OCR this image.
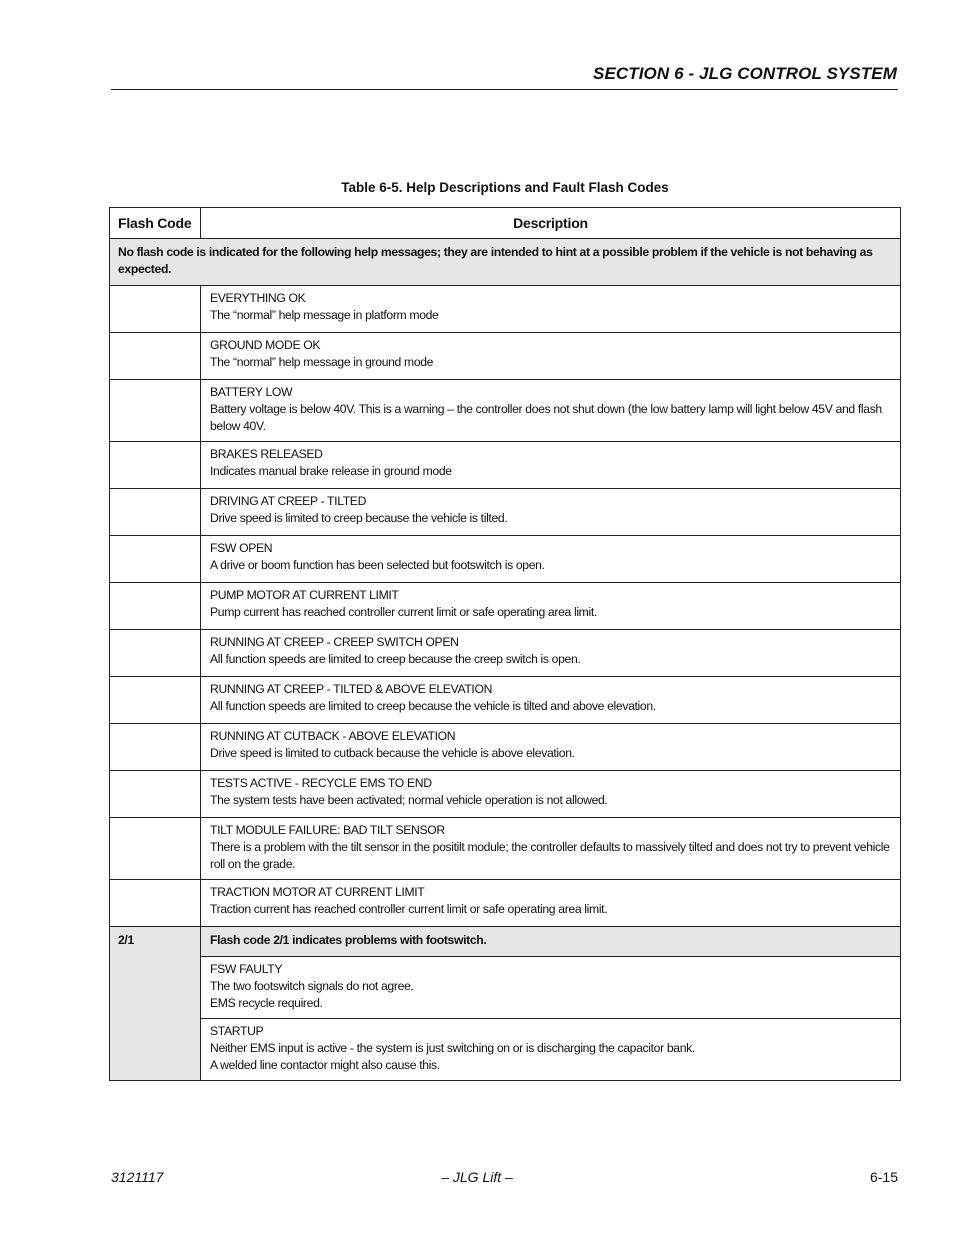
SECTION 6 - JLG CONTROL SYSTEM
Table 6-5. Help Descriptions and Fault Flash Codes
Flash Code	Description
No flash code is indicated for the following help messages; they are intended to hint at a possible problem if the vehicle is not behaving as expected.	

	EVERYTHING OK
The “normal” help message in platform mode

	GROUND MODE OK
The “normal” help message in ground mode

	BATTERY LOW
Battery voltage is below 40V. This is a warning – the controller does not shut down (the low battery lamp will light below 45V and flash below 40V.

	BRAKES RELEASED
Indicates manual brake release in ground mode

	DRIVING AT CREEP - TILTED
Drive speed is limited to creep because the vehicle is tilted.

	FSW OPEN
A drive or boom function has been selected but footswitch is open.

	PUMP MOTOR AT CURRENT LIMIT
Pump current has reached controller current limit or safe operating area limit.

	RUNNING AT CREEP - CREEP SWITCH OPEN
All function speeds are limited to creep because the creep switch is open.

	RUNNING AT CREEP - TILTED & ABOVE ELEVATION
All function speeds are limited to creep because the vehicle is tilted and above elevation.

	RUNNING AT CUTBACK - ABOVE ELEVATION
Drive speed is limited to cutback because the vehicle is above elevation.

	TESTS ACTIVE - RECYCLE EMS TO END
The system tests have been activated; normal vehicle operation is not allowed.

	TILT MODULE FAILURE: BAD TILT SENSOR
There is a problem with the tilt sensor in the positilt module; the controller defaults to massively tilted and does not try to prevent vehicle roll on the grade.

	TRACTION MOTOR AT CURRENT LIMIT
Traction current has reached controller current limit or safe operating area limit.

2/1	Flash code 2/1 indicates problems with footswitch.

	FSW FAULTY
The two footswitch signals do not agree.
EMS recycle required.

	STARTUP
Neither EMS input is active - the system is just switching on or is discharging the capacitor bank.
A welded line contactor might also cause this.
3121117	– JLG Lift –	6-15
